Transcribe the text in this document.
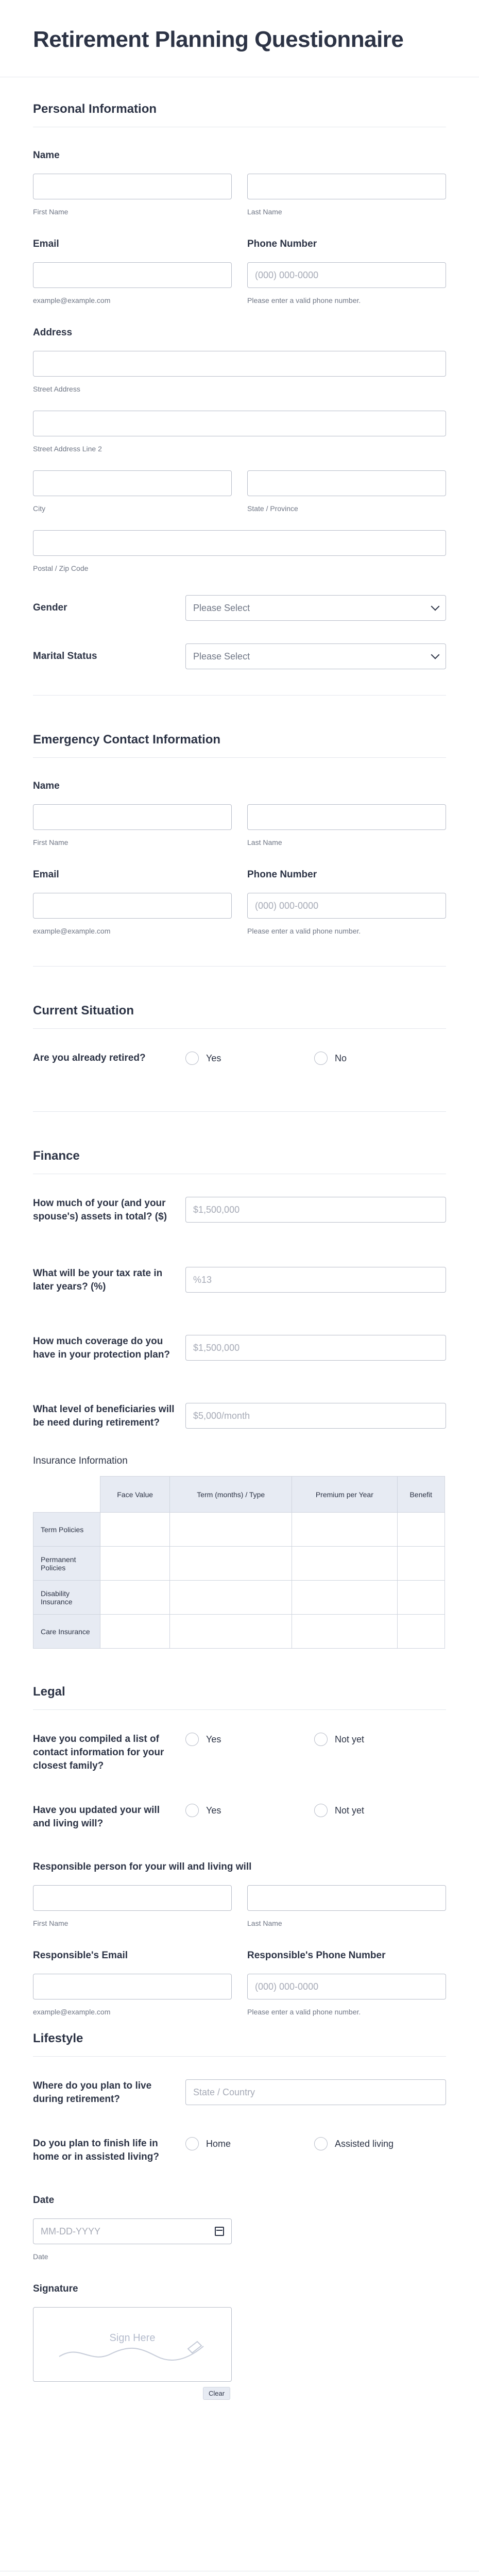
Retirement Planning Questionnaire
Personal Information
Name
First Name	Last Name
Email
example@example.com
Phone Number
(000) 000-0000
Please enter a valid phone number.
Address
Street Address
Street Address Line 2
City	State / Province
Postal / Zip Code
Gender	Please Select
Marital Status	Please Select
Emergency Contact Information
Name
First Name	Last Name
Email
example@example.com
Phone Number
(000) 000-0000
Please enter a valid phone number.
Current Situation
Are you already retired?	Yes	No
Finance
How much of your (and your spouse's) assets in total? ($)
$1,500,000
What will be your tax rate in later years? (%)
%13
How much coverage do you have in your protection plan?
$1,500,000
What level of beneficiaries will be need during retirement?
$5,000/month
Insurance Information
	Face Value	Term (months) / Type	Premium per Year	Benefit
Term Policies				
Permanent Policies				
Disability Insurance				
Care Insurance				
Legal
Have you compiled a list of contact information for your closest family?
Yes	Not yet
Have you updated your will and living will?
Yes	Not yet
Responsible person for your will and living will
First Name	Last Name
Responsible's Email
example@example.com
Responsible's Phone Number
(000) 000-0000
Please enter a valid phone number.
Lifestyle
Where do you plan to live during retirement?
State / Country
Do you plan to finish life in home or in assisted living?
Home	Assisted living
Date
MM-DD-YYYY
Date
Signature
Sign Here
Clear
